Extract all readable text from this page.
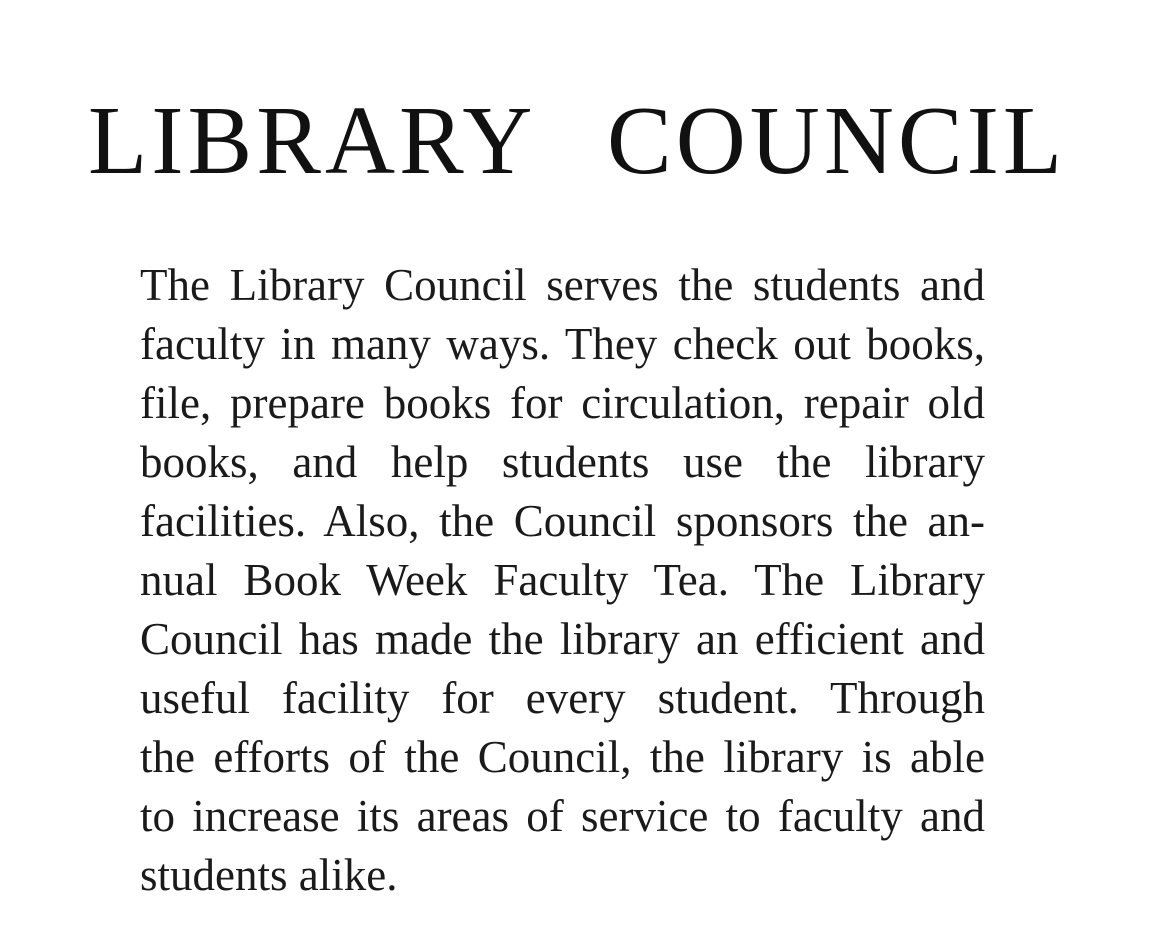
LIBRARY COUNCIL
The Library Council serves the students and
faculty in many ways. They check out books,
file, prepare books for circulation, repair old
books, and help students use the library
facilities. Also, the Council sponsors the an-
nual Book Week Faculty Tea. The Library
Council has made the library an efficient and
useful facility for every student. Through
the efforts of the Council, the library is able
to increase its areas of service to faculty and
students alike.
